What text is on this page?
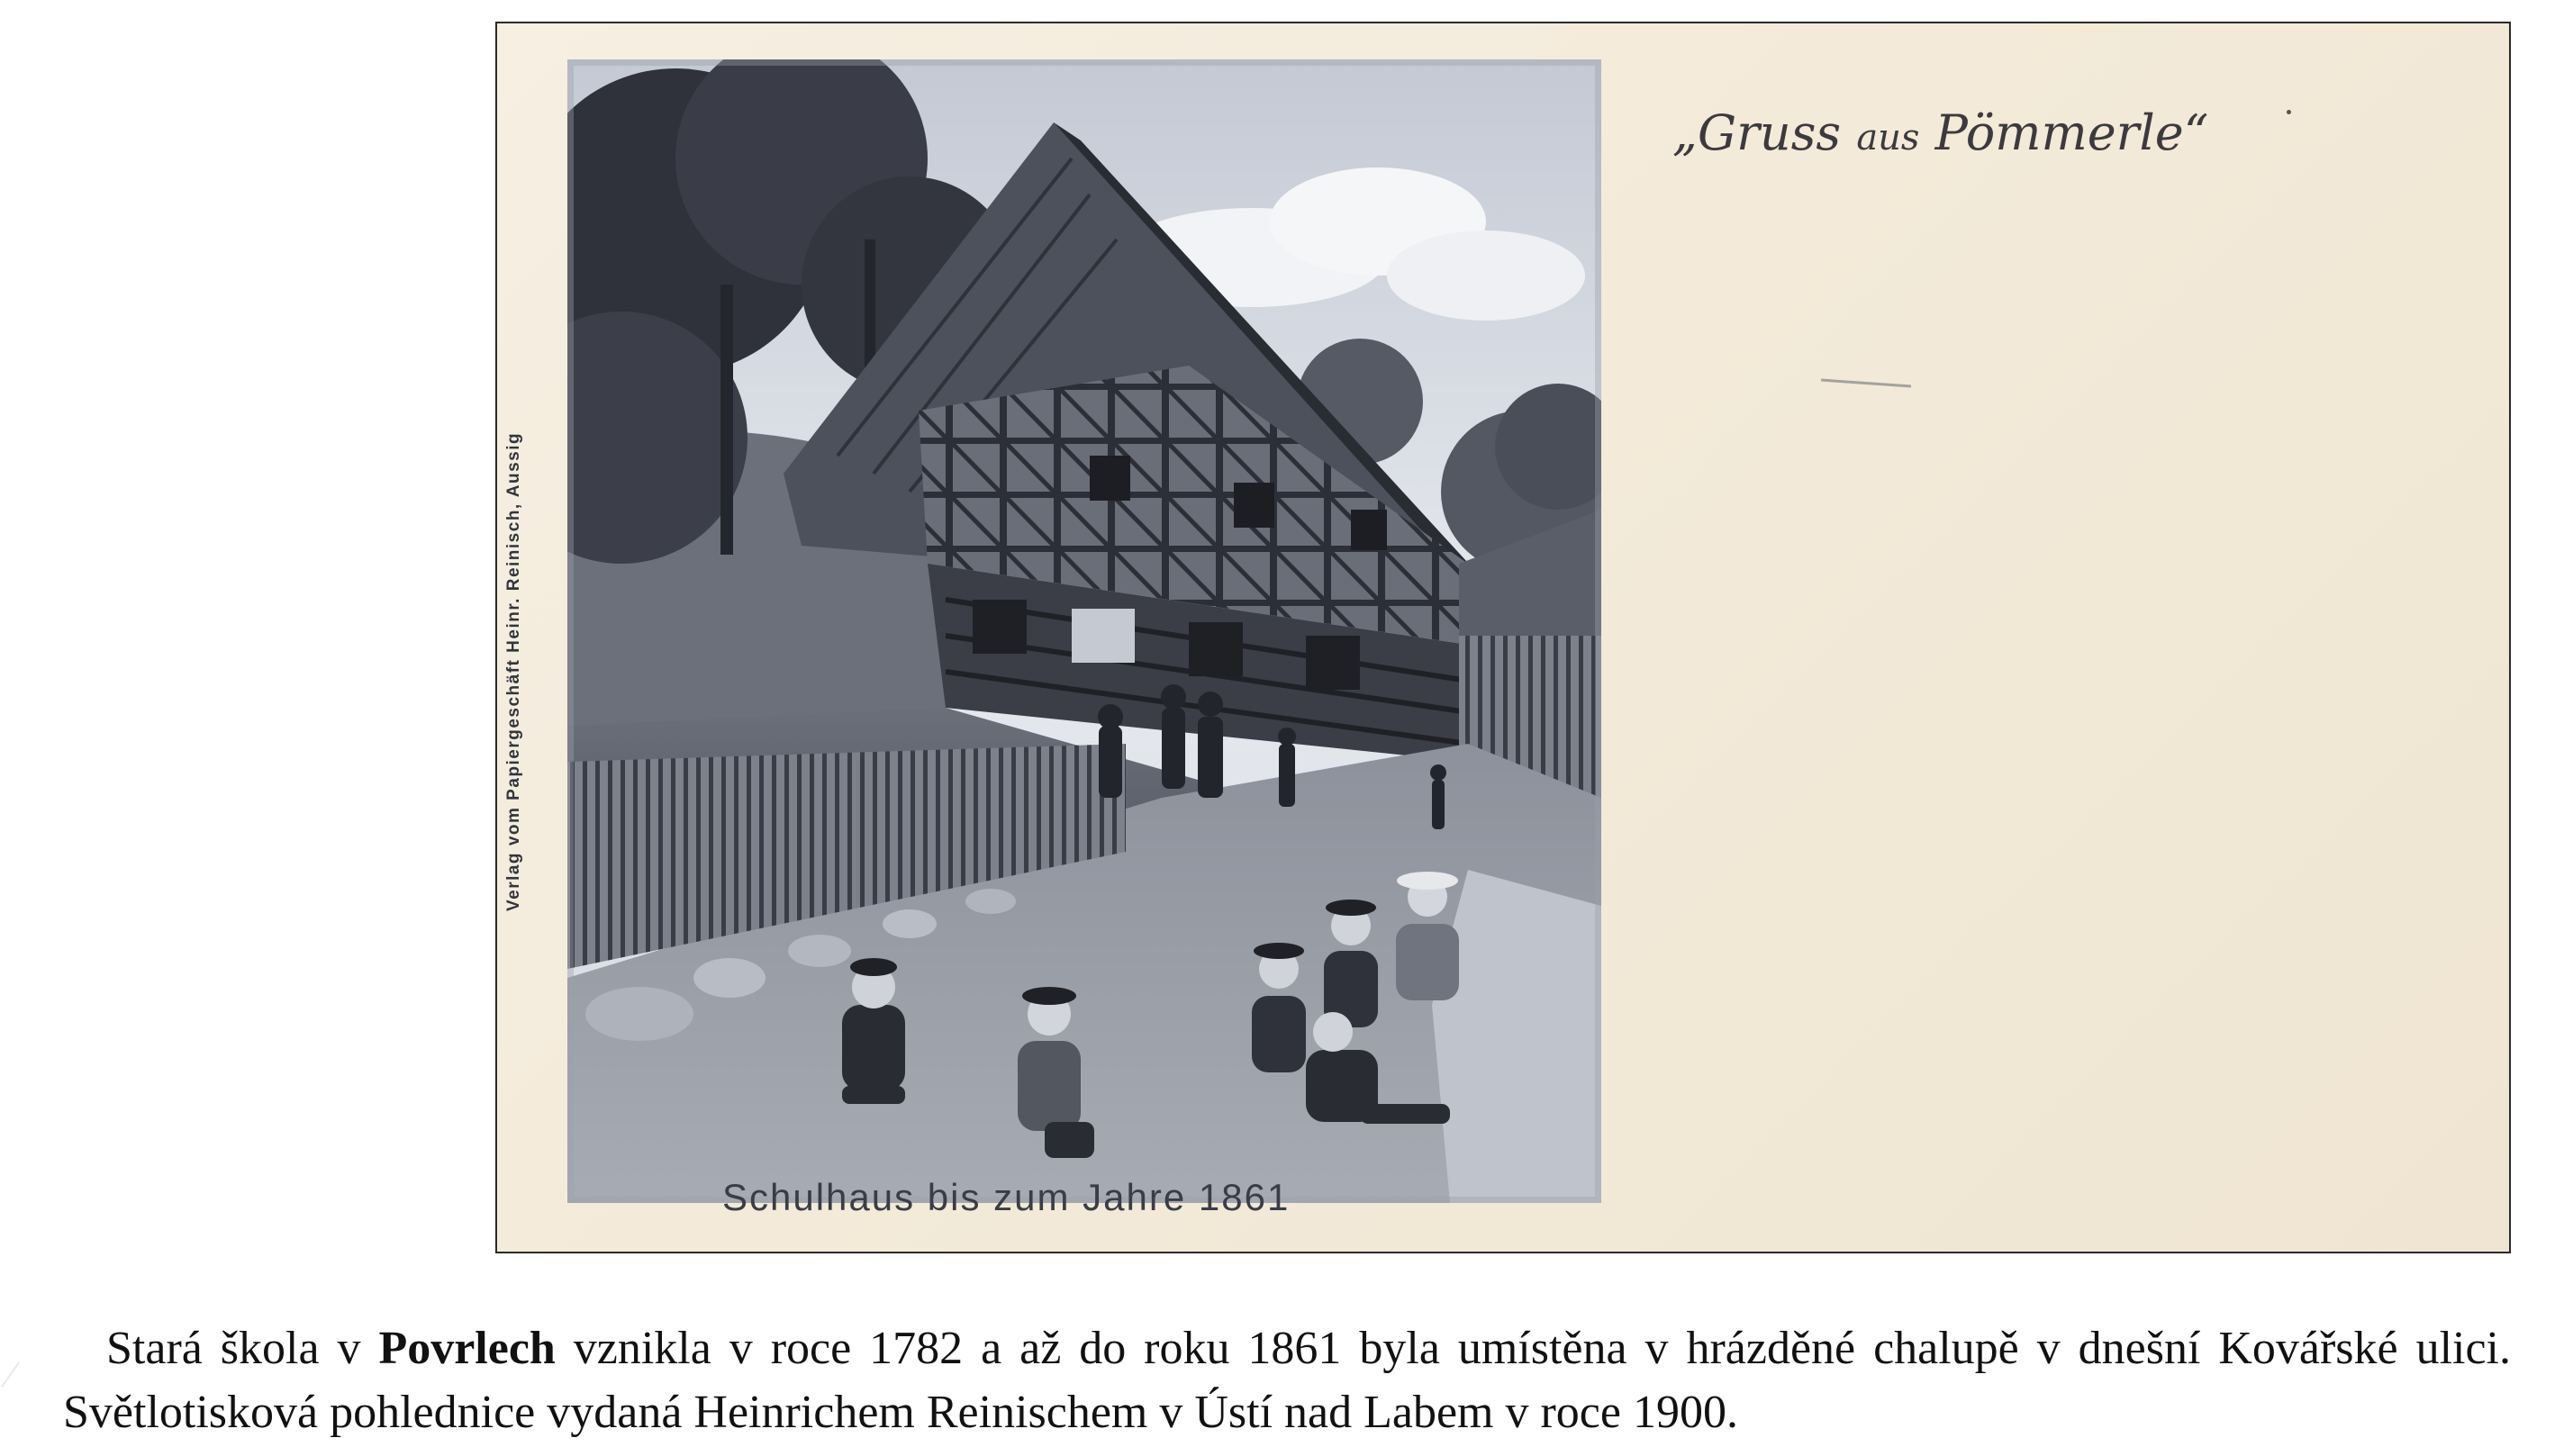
Verlag vom Papiergeschäft Heinr. Reinisch, Aussig
Schulhaus bis zum Jahre 1861
„Gruss aus Pömmerle“

Stará škola v Povrlech vznikla v roce 1782 a až do roku 1861 byla umístěna v hrázděné chalupě v dnešní Kovářské ulici. Světlotisková pohlednice vydaná Heinrichem Reinischem v Ústí nad Labem v roce 1900.
